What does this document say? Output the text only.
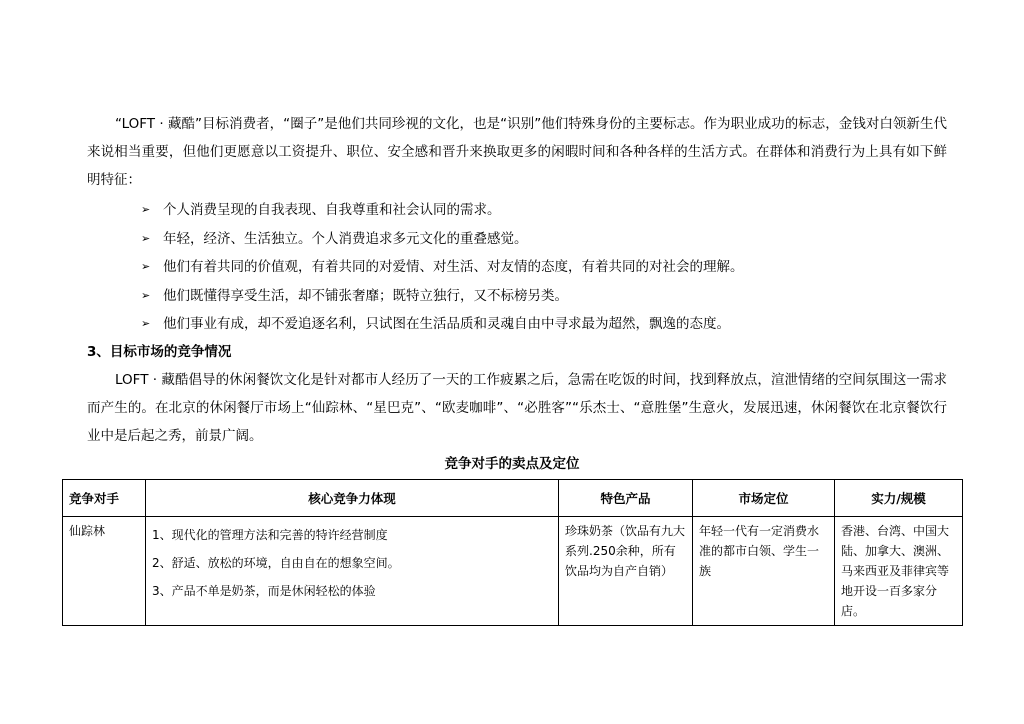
“LOFT · 藏酷”目标消费者，“圈子”是他们共同珍视的文化，也是“识别”他们特殊身份的主要标志。作为职业成功的标志，金钱对白领新生代来说相当重要，但他们更愿意以工资提升、职位、安全感和晋升来换取更多的闲暇时间和各种各样的生活方式。在群体和消费行为上具有如下鲜明特征：
➢ 个人消费呈现的自我表现、自我尊重和社会认同的需求。
➢ 年轻，经济、生活独立。个人消费追求多元文化的重叠感觉。
➢ 他们有着共同的价值观，有着共同的对爱情、对生活、对友情的态度，有着共同的对社会的理解。
➢ 他们既懂得享受生活，却不铺张奢靡；既特立独行，又不标榜另类。
➢ 他们事业有成，却不爱追逐名利，只试图在生活品质和灵魂自由中寻求最为超然，飘逸的态度。
3、目标市场的竞争情况
LOFT · 藏酷倡导的休闲餐饮文化是针对都市人经历了一天的工作疲累之后，急需在吃饭的时间，找到释放点，渲泄情绪的空间氛围这一需求而产生的。在北京的休闲餐厅市场上“仙踪林、“星巴克”、“欧麦咖啡”、“必胜客”“乐杰士、“意胜堡”生意火，发展迅速，休闲餐饮在北京餐饮行业中是后起之秀，前景广阔。
竞争对手的卖点及定位
竞争对手	核心竞争力体现	特色产品	市场定位	实力/规模
仙踪林	1、现代化的管理方法和完善的特许经营制度
2、舒适、放松的环境，自由自在的想象空间。
3、产品不单是奶茶，而是休闲轻松的体验	珍珠奶茶（饮品有九大系列.250余种，所有饮品均为自产自销）	年轻一代有一定消费水准的都市白领、学生一族	香港、台湾、中国大陆、加拿大、澳洲、马来西亚及菲律宾等地开设一百多家分店。
